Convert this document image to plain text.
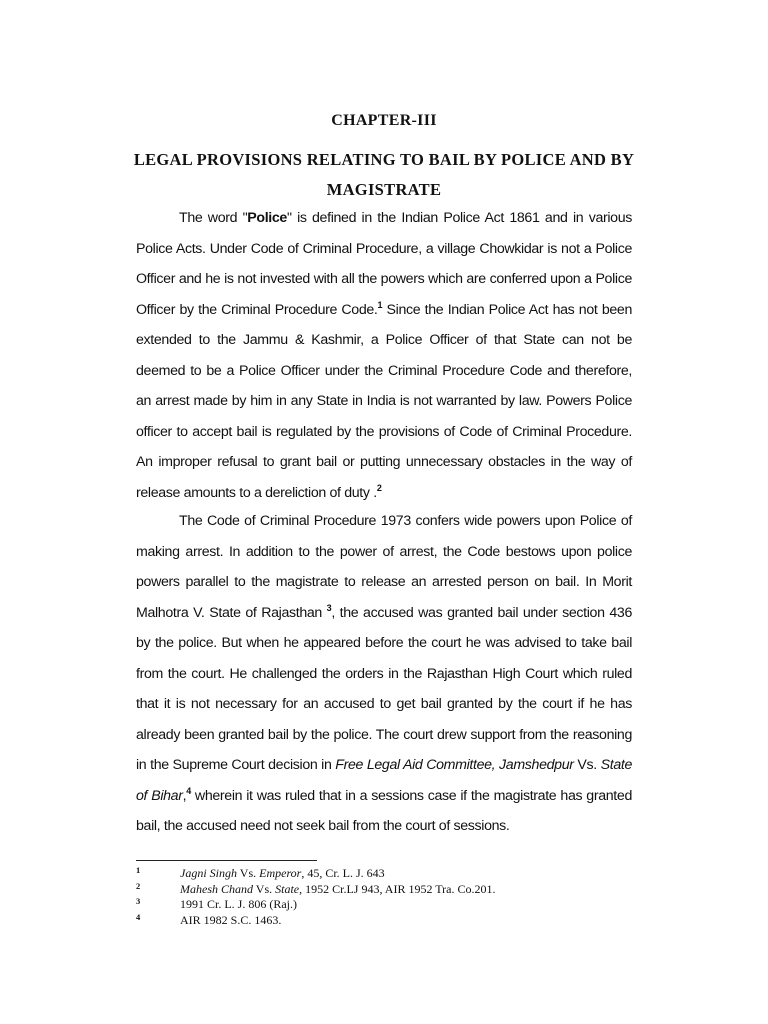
CHAPTER-III
LEGAL PROVISIONS RELATING TO BAIL BY POLICE AND BY
MAGISTRATE

The word "Police" is defined in the Indian Police Act 1861 and in various Police Acts. Under Code of Criminal Procedure, a village Chowkidar is not a Police Officer and he is not invested with all the powers which are conferred upon a Police Officer by the Criminal Procedure Code.$^1$ Since the Indian Police Act has not been extended to the Jammu & Kashmir, a Police Officer of that State can not be deemed to be a Police Officer under the Criminal Procedure Code and therefore, an arrest made by him in any State in India is not warranted by law. Powers Police officer to accept bail is regulated by the provisions of Code of Criminal Procedure. An improper refusal to grant bail or putting unnecessary obstacles in the way of release amounts to a dereliction of duty .$^2$

The Code of Criminal Procedure 1973 confers wide powers upon Police of making arrest. In addition to the power of arrest, the Code bestows upon police powers parallel to the magistrate to release an arrested person on bail. In Morit Malhotra V. State of Rajasthan $^3$, the accused was granted bail under section 436 by the police. But when he appeared before the court he was advised to take bail from the court. He challenged the orders in the Rajasthan High Court which ruled that it is not necessary for an accused to get bail granted by the court if he has already been granted bail by the police. The court drew support from the reasoning in the Supreme Court decision in Free Legal Aid Committee, Jamshedpur Vs. State of Bihar,$^4$ wherein it was ruled that in a sessions case if the magistrate has granted bail, the accused need not seek bail from the court of sessions.

1	Jagni Singh Vs. Emperor, 45, Cr. L. J. 643
2	Mahesh Chand Vs. State, 1952 Cr.LJ 943, AIR 1952 Tra. Co.201.
3	1991 Cr. L. J. 806 (Raj.)
4	AIR 1982 S.C. 1463.
